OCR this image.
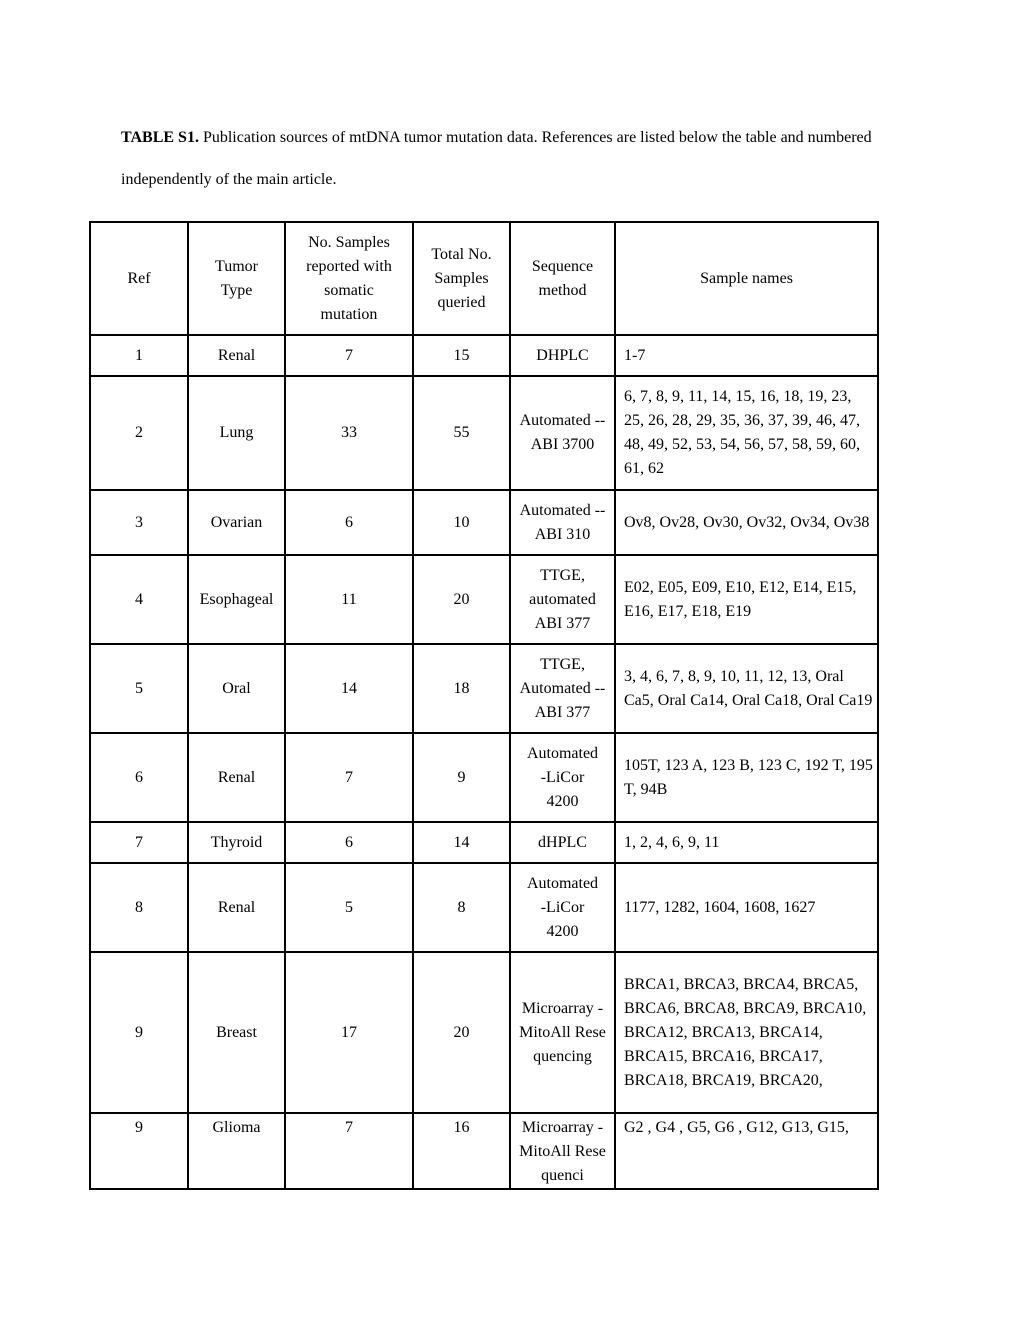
TABLE S1. Publication sources of mtDNA tumor mutation data. References are listed below the table and numbered independently of the main article.
Ref	Tumor Type	No. Samples reported with somatic mutation	Total No. Samples queried	Sequence method	Sample names
1	Renal	7	15	DHPLC	1-7
2	Lung	33	55	Automated --ABI 3700	6, 7, 8, 9, 11, 14, 15, 16, 18, 19, 23, 25, 26, 28, 29, 35, 36, 37, 39, 46, 47, 48, 49, 52, 53, 54, 56, 57, 58, 59, 60, 61, 62
3	Ovarian	6	10	Automated --ABI 310	Ov8, Ov28, Ov30, Ov32, Ov34, Ov38
4	Esophageal	11	20	TTGE, automated ABI 377	E02, E05, E09, E10, E12, E14, E15, E16, E17, E18, E19
5	Oral	14	18	TTGE, Automated --ABI 377	3, 4, 6, 7, 8, 9, 10, 11, 12, 13, Oral Ca5, Oral Ca14, Oral Ca18, Oral Ca19
6	Renal	7	9	Automated -LiCor 4200	105T, 123 A, 123 B, 123 C, 192 T, 195 T, 94B
7	Thyroid	6	14	dHPLC	1, 2, 4, 6, 9, 11
8	Renal	5	8	Automated -LiCor 4200	1177, 1282, 1604, 1608, 1627
9	Breast	17	20	Microarray -MitoAll Resequencing	BRCA1, BRCA3, BRCA4, BRCA5, BRCA6, BRCA8, BRCA9, BRCA10, BRCA12, BRCA13, BRCA14, BRCA15, BRCA16, BRCA17, BRCA18, BRCA19, BRCA20,
9	Glioma	7	16	Microarray -MitoAll Resequenci	G2 , G4 , G5, G6 , G12, G13, G15,
